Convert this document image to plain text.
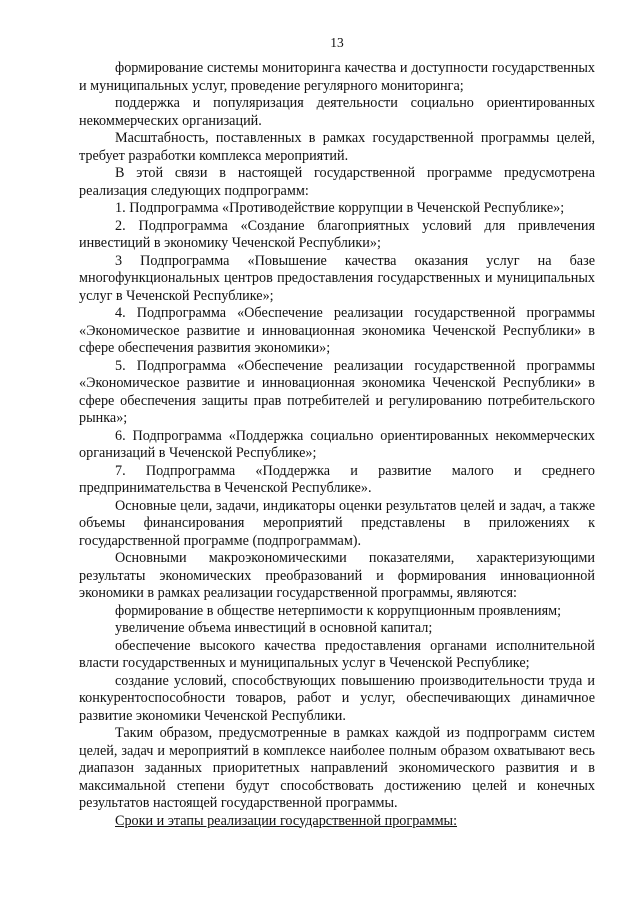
13

формирование системы мониторинга качества и доступности государственных и муниципальных услуг, проведение регулярного мониторинга;

поддержка и популяризация деятельности социально ориентированных некоммерческих организаций.

Масштабность, поставленных в рамках государственной программы целей, требует разработки комплекса мероприятий.

В этой связи в настоящей государственной программе предусмотрена реализация следующих подпрограмм:

1. Подпрограмма «Противодействие коррупции в Чеченской Республике»;

2. Подпрограмма «Создание благоприятных условий для привлечения инвестиций в экономику Чеченской Республики»;

3 Подпрограмма «Повышение качества оказания услуг на базе многофункциональных центров предоставления государственных и муниципальных услуг в Чеченской Республике»;

4. Подпрограмма «Обеспечение реализации государственной программы «Экономическое развитие и инновационная экономика Чеченской Республики» в сфере обеспечения развития экономики»;

5. Подпрограмма «Обеспечение реализации государственной программы «Экономическое развитие и инновационная экономика Чеченской Республики» в сфере обеспечения защиты прав потребителей и регулированию потребительского рынка»;

6. Подпрограмма «Поддержка социально ориентированных некоммерческих организаций в Чеченской Республике»;

7. Подпрограмма «Поддержка и развитие малого и среднего предпринимательства в Чеченской Республике».

Основные цели, задачи, индикаторы оценки результатов целей и задач, а также объемы финансирования мероприятий представлены в приложениях к государственной программе (подпрограммам).

Основными макроэкономическими показателями, характеризующими результаты экономических преобразований и формирования инновационной экономики в рамках реализации государственной программы, являются:

формирование в обществе нетерпимости к коррупционным проявлениям;

увеличение объема инвестиций в основной капитал;

обеспечение высокого качества предоставления органами исполнительной власти государственных и муниципальных услуг в Чеченской Республике;

создание условий, способствующих повышению производительности труда и конкурентоспособности товаров, работ и услуг, обеспечивающих динамичное развитие экономики Чеченской Республики.

Таким образом, предусмотренные в рамках каждой из подпрограмм систем целей, задач и мероприятий в комплексе наиболее полным образом охватывают весь диапазон заданных приоритетных направлений экономического развития и в максимальной степени будут способствовать достижению целей и конечных результатов настоящей государственной программы.

Сроки и этапы реализации государственной программы:
